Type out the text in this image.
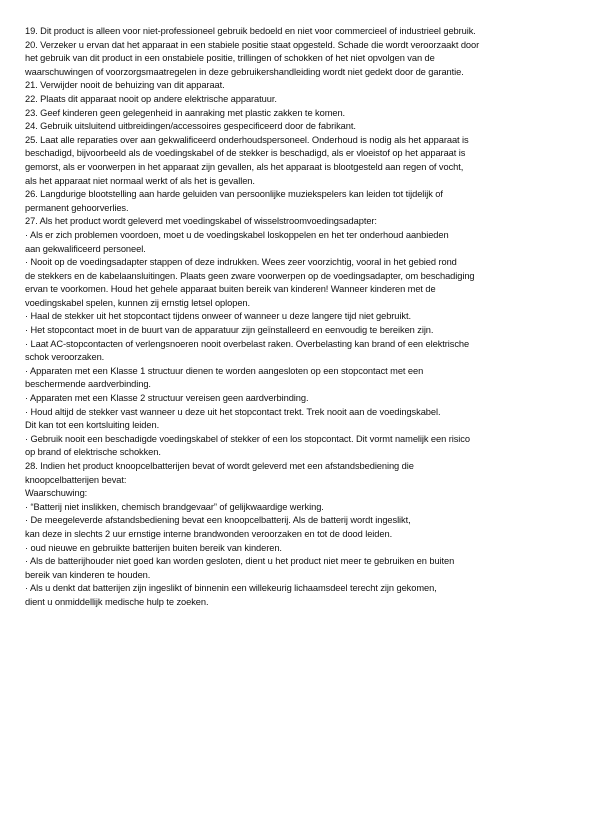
19. Dit product is alleen voor niet-professioneel gebruik bedoeld en niet voor commercieel of industrieel gebruik.
20. Verzeker u ervan dat het apparaat in een stabiele positie staat opgesteld. Schade die wordt veroorzaakt door
het gebruik van dit product in een onstabiele positie, trillingen of schokken of het niet opvolgen van de
waarschuwingen of voorzorgsmaatregelen in deze gebruikershandleiding wordt niet gedekt door de garantie.
21. Verwijder nooit de behuizing van dit apparaat.
22. Plaats dit apparaat nooit op andere elektrische apparatuur.
23. Geef kinderen geen gelegenheid in aanraking met plastic zakken te komen.
24. Gebruik uitsluitend uitbreidingen/accessoires gespecificeerd door de fabrikant.
25. Laat alle reparaties over aan gekwalificeerd onderhoudspersoneel. Onderhoud is nodig als het apparaat is
beschadigd, bijvoorbeeld als de voedingskabel of de stekker is beschadigd, als er vloeistof op het apparaat is
gemorst, als er voorwerpen in het apparaat zijn gevallen, als het apparaat is blootgesteld aan regen of vocht,
als het apparaat niet normaal werkt of als het is gevallen.
26. Langdurige blootstelling aan harde geluiden van persoonlijke muziekspelers kan leiden tot tijdelijk of
permanent gehoorverlies.
27. Als het product wordt geleverd met voedingskabel of wisselstroomvoedingsadapter:
· Als er zich problemen voordoen, moet u de voedingskabel loskoppelen en het ter onderhoud aanbieden
aan gekwalificeerd personeel.
· Nooit op de voedingsadapter stappen of deze indrukken. Wees zeer voorzichtig, vooral in het gebied rond
de stekkers en de kabelaansluitingen. Plaats geen zware voorwerpen op de voedingsadapter, om beschadiging
ervan te voorkomen. Houd het gehele apparaat buiten bereik van kinderen! Wanneer kinderen met de
voedingskabel spelen, kunnen zij ernstig letsel oplopen.
· Haal de stekker uit het stopcontact tijdens onweer of wanneer u deze langere tijd niet gebruikt.
· Het stopcontact moet in de buurt van de apparatuur zijn geïnstalleerd en eenvoudig te bereiken zijn.
· Laat AC-stopcontacten of verlengsnoeren nooit overbelast raken. Overbelasting kan brand of een elektrische
schok veroorzaken.
· Apparaten met een Klasse 1 structuur dienen te worden aangesloten op een stopcontact met een
beschermende aardverbinding.
· Apparaten met een Klasse 2 structuur vereisen geen aardverbinding.
· Houd altijd de stekker vast wanneer u deze uit het stopcontact trekt. Trek nooit aan de voedingskabel.
Dit kan tot een kortsluiting leiden.
· Gebruik nooit een beschadigde voedingskabel of stekker of een los stopcontact. Dit vormt namelijk een risico
op brand of elektrische schokken.
28. Indien het product knoopcelbatterijen bevat of wordt geleverd met een afstandsbediening die
knoopcelbatterijen bevat:
Waarschuwing:
· “Batterij niet inslikken, chemisch brandgevaar” of gelijkwaardige werking.
· De meegeleverde afstandsbediening bevat een knoopcelbatterij. Als de batterij wordt ingeslikt,
kan deze in slechts 2 uur ernstige interne brandwonden veroorzaken en tot de dood leiden.
· oud nieuwe en gebruikte batterijen buiten bereik van kinderen.
· Als de batterijhouder niet goed kan worden gesloten, dient u het product niet meer te gebruiken en buiten
bereik van kinderen te houden.
· Als u denkt dat batterijen zijn ingeslikt of binnenin een willekeurig lichaamsdeel terecht zijn gekomen,
dient u onmiddellijk medische hulp te zoeken.
